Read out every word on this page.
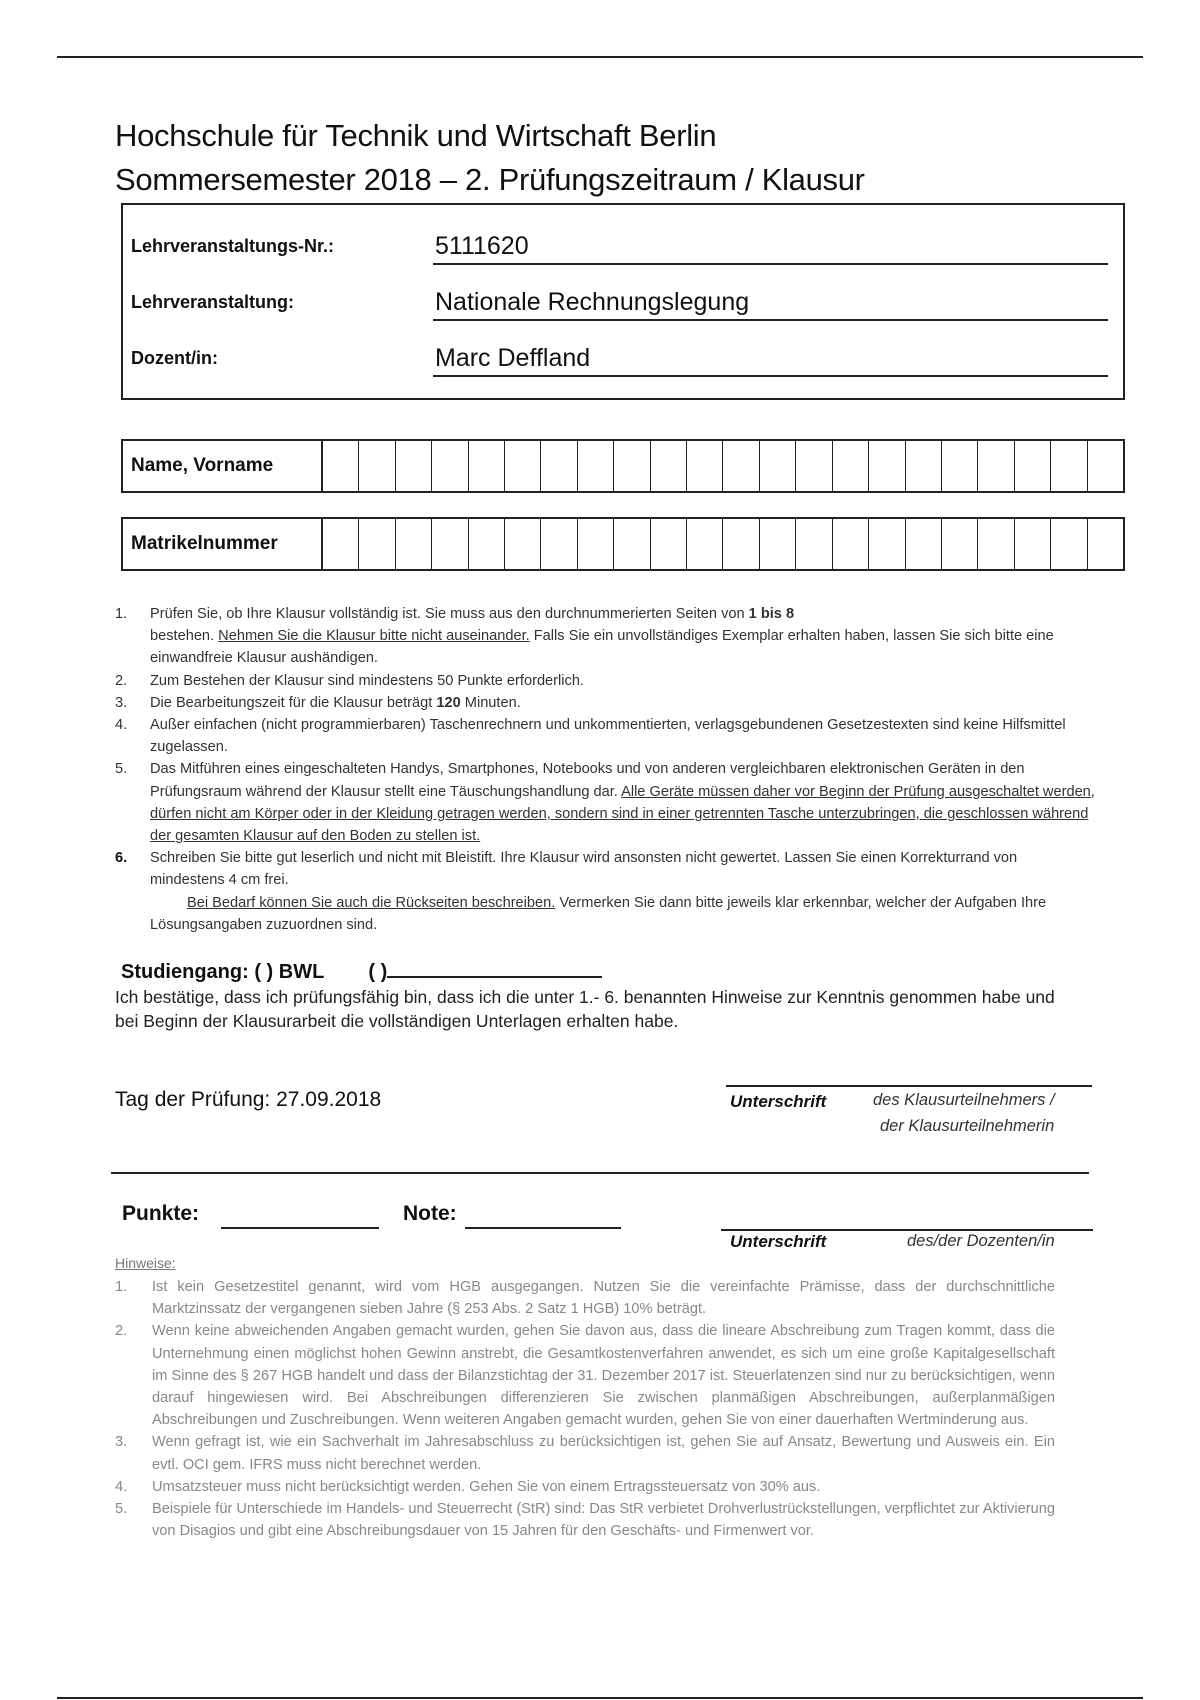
Hochschule für Technik und Wirtschaft Berlin
Sommersemester 2018 – 2. Prüfungszeitraum / Klausur
Lehrveranstaltungs-Nr.:	5111620
Lehrveranstaltung:	Nationale Rechnungslegung
Dozent/in:	Marc Deffland
Name, Vorname
Matrikelnummer
1. Prüfen Sie, ob Ihre Klausur vollständig ist. Sie muss aus den durchnummerierten Seiten von 1 bis 8
bestehen. Nehmen Sie die Klausur bitte nicht auseinander. Falls Sie ein unvollständiges Exemplar erhalten haben, lassen Sie sich bitte eine einwandfreie Klausur aushändigen.
2. Zum Bestehen der Klausur sind mindestens 50 Punkte erforderlich.
3. Die Bearbeitungszeit für die Klausur beträgt 120 Minuten.
4. Außer einfachen (nicht programmierbaren) Taschenrechnern und unkommentierten, verlagsgebundenen Gesetzestexten sind keine Hilfsmittel zugelassen.
5. Das Mitführen eines eingeschalteten Handys, Smartphones, Notebooks und von anderen vergleichbaren elektronischen Geräten in den Prüfungsraum während der Klausur stellt eine Täuschungshandlung dar. Alle Geräte müssen daher vor Beginn der Prüfung ausgeschaltet werden, dürfen nicht am Körper oder in der Kleidung getragen werden, sondern sind in einer getrennten Tasche unterzubringen, die geschlossen während der gesamten Klausur auf den Boden zu stellen ist.
6. Schreiben Sie bitte gut leserlich und nicht mit Bleistift. Ihre Klausur wird ansonsten nicht gewertet. Lassen Sie einen Korrekturrand von mindestens 4 cm frei.
Bei Bedarf können Sie auch die Rückseiten beschreiben. Vermerken Sie dann bitte jeweils klar erkennbar, welcher der Aufgaben Ihre Lösungsangaben zuzuordnen sind.
Studiengang: ( ) BWL ( )
Ich bestätige, dass ich prüfungsfähig bin, dass ich die unter 1.- 6. benannten Hinweise zur Kenntnis genommen habe und bei Beginn der Klausurarbeit die vollständigen Unterlagen erhalten habe.
Tag der Prüfung: 27.09.2018	Unterschrift	des Klausurteilnehmers /
der Klausurteilnehmerin
Punkte:	Note:
Unterschrift	des/der Dozenten/in
Hinweise:
1. Ist kein Gesetzestitel genannt, wird vom HGB ausgegangen. Nutzen Sie die vereinfachte Prämisse, dass der durchschnittliche Marktzinssatz der vergangenen sieben Jahre (§ 253 Abs. 2 Satz 1 HGB) 10% beträgt.
2. Wenn keine abweichenden Angaben gemacht wurden, gehen Sie davon aus, dass die lineare Abschreibung zum Tragen kommt, dass die Unternehmung einen möglichst hohen Gewinn anstrebt, die Gesamtkostenverfahren anwendet, es sich um eine große Kapitalgesellschaft im Sinne des § 267 HGB handelt und dass der Bilanzstichtag der 31. Dezember 2017 ist. Steuerlatenzen sind nur zu berücksichtigen, wenn darauf hingewiesen wird. Bei Abschreibungen differenzieren Sie zwischen planmäßigen Abschreibungen, außerplanmäßigen Abschreibungen und Zuschreibungen. Wenn weiteren Angaben gemacht wurden, gehen Sie von einer dauerhaften Wertminderung aus.
3. Wenn gefragt ist, wie ein Sachverhalt im Jahresabschluss zu berücksichtigen ist, gehen Sie auf Ansatz, Bewertung und Ausweis ein. Ein evtl. OCI gem. IFRS muss nicht berechnet werden.
4. Umsatzsteuer muss nicht berücksichtigt werden. Gehen Sie von einem Ertragssteuersatz von 30% aus.
5. Beispiele für Unterschiede im Handels- und Steuerrecht (StR) sind: Das StR verbietet Drohverlustrückstellungen, verpflichtet zur Aktivierung von Disagios und gibt eine Abschreibungsdauer von 15 Jahren für den Geschäfts- und Firmenwert vor.
